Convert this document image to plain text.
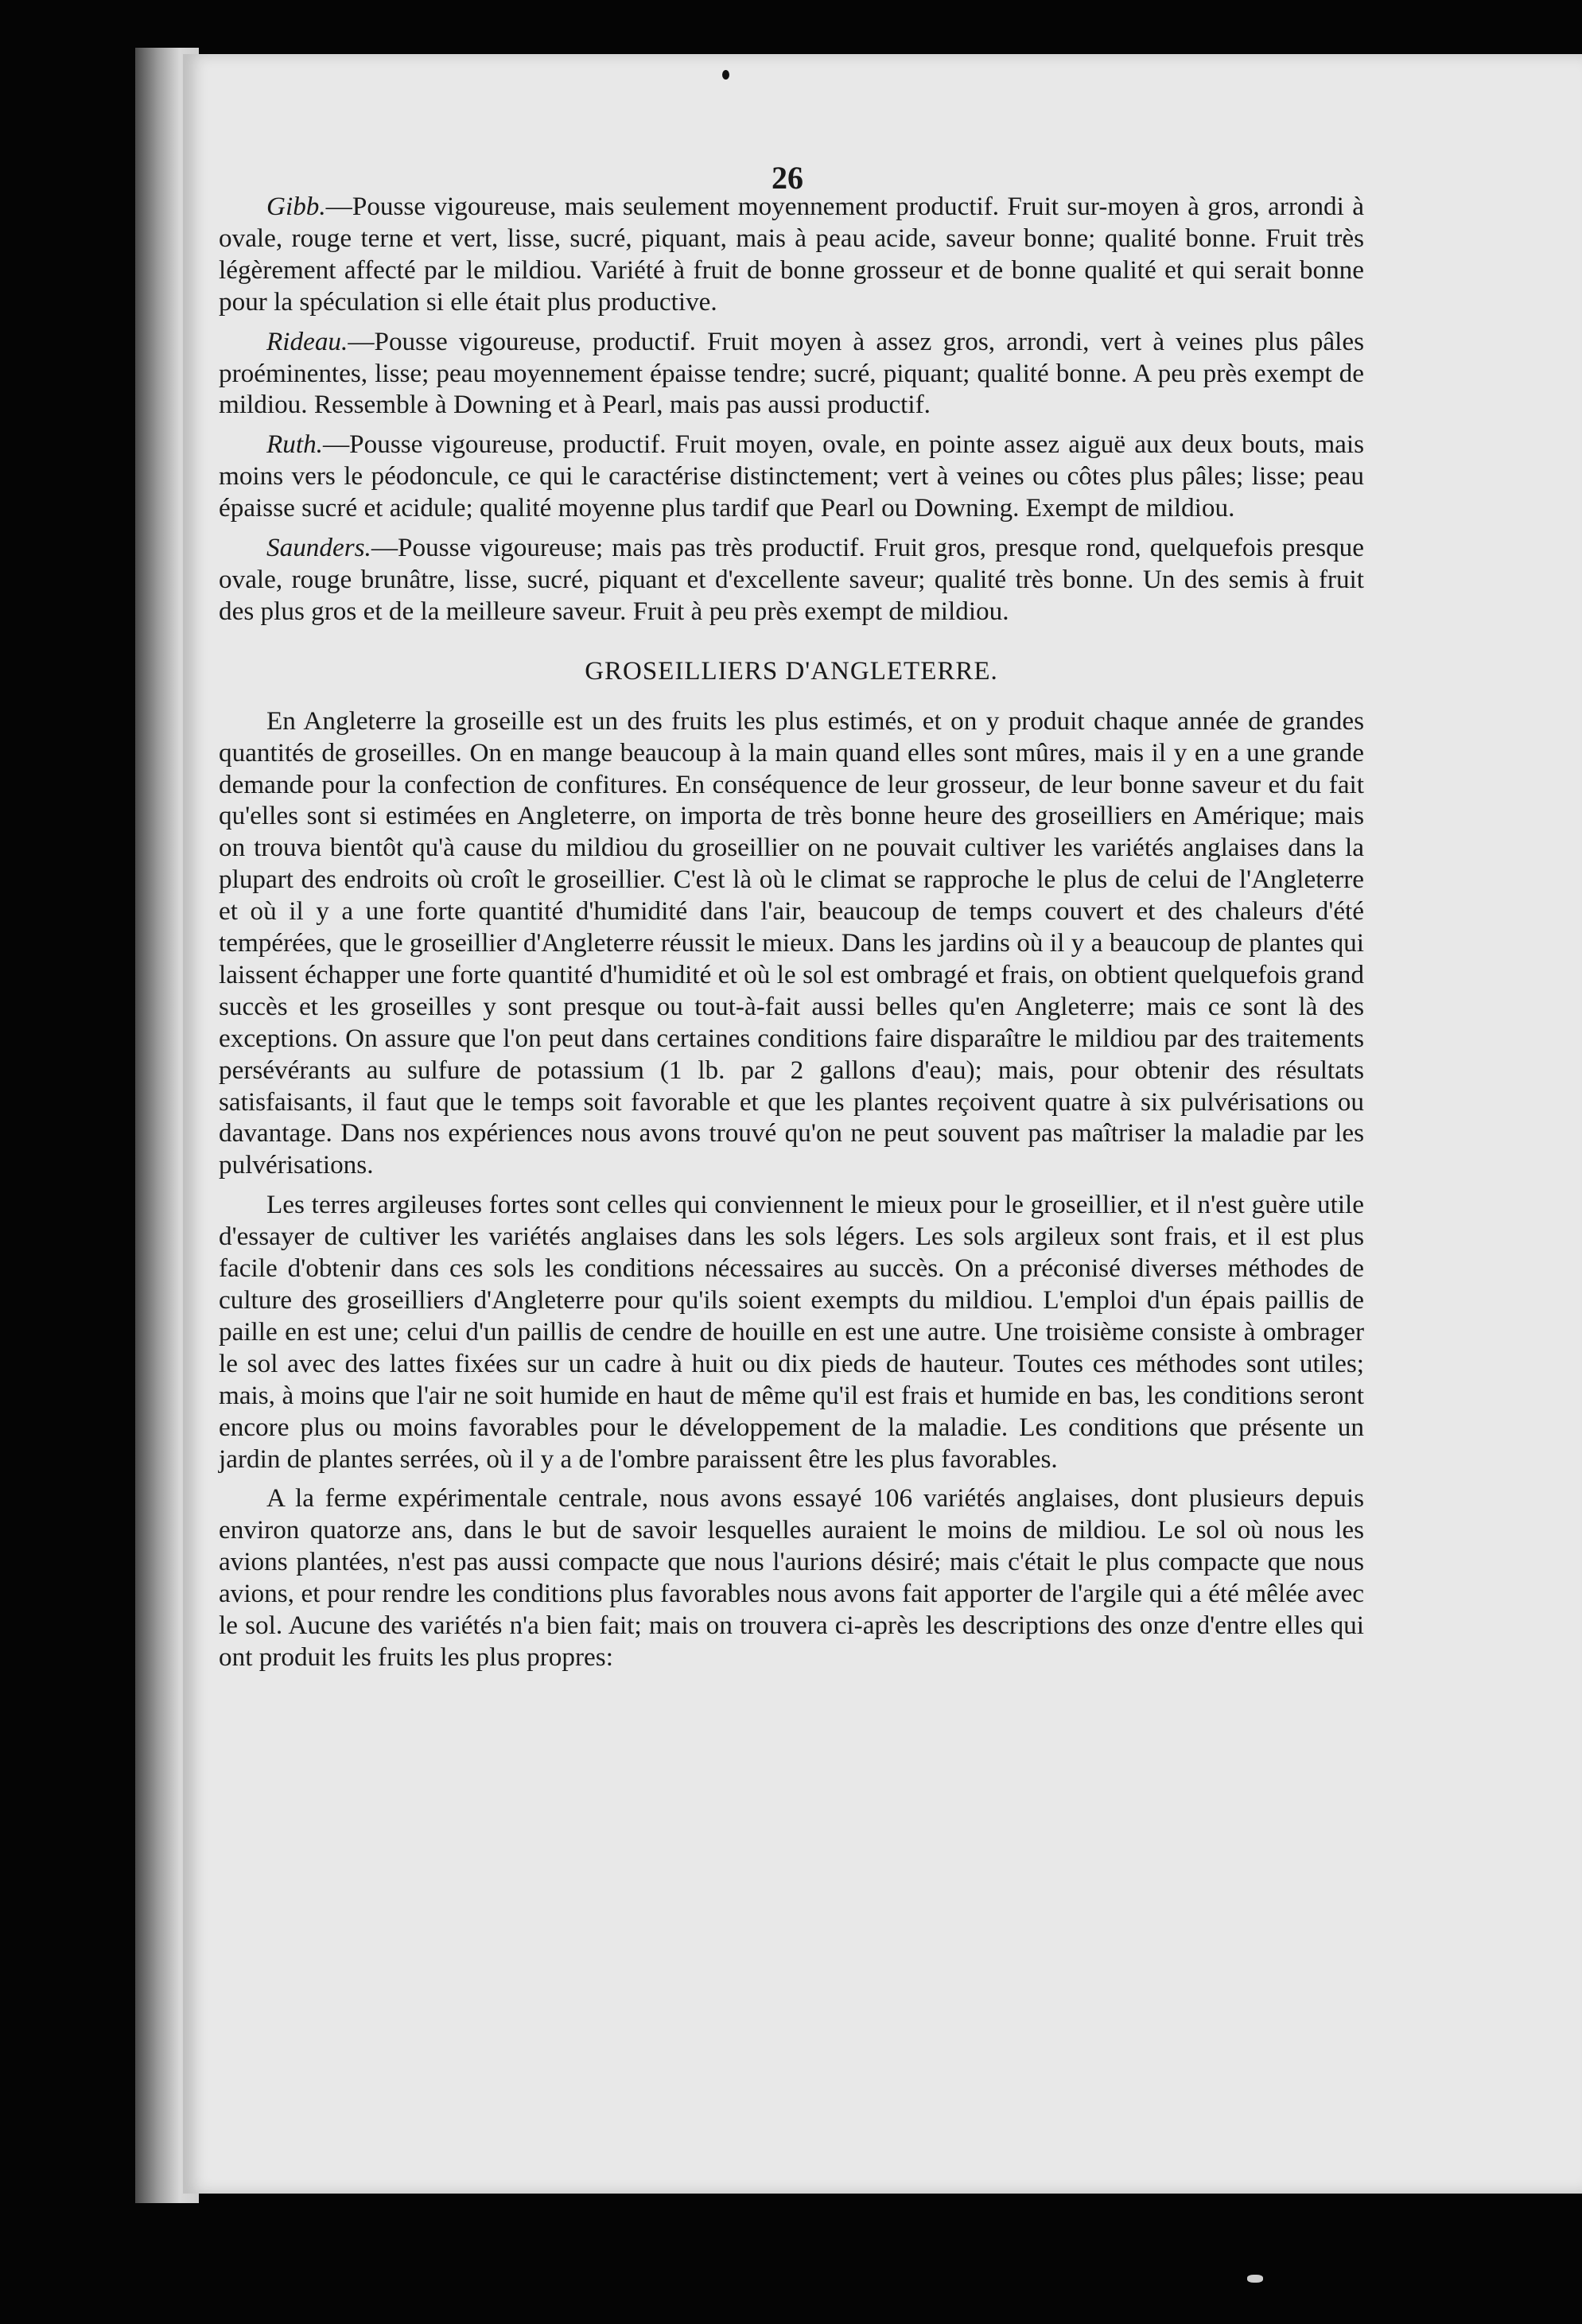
26

Gibb.—Pousse vigoureuse, mais seulement moyennement productif. Fruit sur-moyen à gros, arrondi à ovale, rouge terne et vert, lisse, sucré, piquant, mais à peau acide, saveur bonne; qualité bonne. Fruit très légèrement affecté par le mildiou. Variété à fruit de bonne grosseur et de bonne qualité et qui serait bonne pour la spéculation si elle était plus productive.

Rideau.—Pousse vigoureuse, productif. Fruit moyen à assez gros, arrondi, vert à veines plus pâles proéminentes, lisse; peau moyennement épaisse tendre; sucré, piquant; qualité bonne. A peu près exempt de mildiou. Ressemble à Downing et à Pearl, mais pas aussi productif.

Ruth.—Pousse vigoureuse, productif. Fruit moyen, ovale, en pointe assez aiguë aux deux bouts, mais moins vers le péodoncule, ce qui le caractérise distinctement; vert à veines ou côtes plus pâles; lisse; peau épaisse sucré et acidule; qualité moyenne plus tardif que Pearl ou Downing. Exempt de mildiou.

Saunders.—Pousse vigoureuse; mais pas très productif. Fruit gros, presque rond, quelquefois presque ovale, rouge brunâtre, lisse, sucré, piquant et d'excellente saveur; qualité très bonne. Un des semis à fruit des plus gros et de la meilleure saveur. Fruit à peu près exempt de mildiou.

GROSEILLIERS D'ANGLETERRE.

En Angleterre la groseille est un des fruits les plus estimés, et on y produit chaque année de grandes quantités de groseilles. On en mange beaucoup à la main quand elles sont mûres, mais il y en a une grande demande pour la confection de confitures. En conséquence de leur grosseur, de leur bonne saveur et du fait qu'elles sont si estimées en Angleterre, on importa de très bonne heure des groseilliers en Amérique; mais on trouva bientôt qu'à cause du mildiou du groseillier on ne pouvait cultiver les variétés anglaises dans la plupart des endroits où croît le groseillier. C'est là où le climat se rapproche le plus de celui de l'Angleterre et où il y a une forte quantité d'humidité dans l'air, beaucoup de temps couvert et des chaleurs d'été tempérées, que le groseillier d'Angleterre réussit le mieux. Dans les jardins où il y a beaucoup de plantes qui laissent échapper une forte quantité d'humidité et où le sol est ombragé et frais, on obtient quelquefois grand succès et les groseilles y sont presque ou tout-à-fait aussi belles qu'en Angleterre; mais ce sont là des exceptions. On assure que l'on peut dans certaines conditions faire disparaître le mildiou par des traitements persévérants au sulfure de potassium (1 lb. par 2 gallons d'eau); mais, pour obtenir des résultats satisfaisants, il faut que le temps soit favorable et que les plantes reçoivent quatre à six pulvérisations ou davantage. Dans nos expériences nous avons trouvé qu'on ne peut souvent pas maîtriser la maladie par les pulvérisations.

Les terres argileuses fortes sont celles qui conviennent le mieux pour le groseillier, et il n'est guère utile d'essayer de cultiver les variétés anglaises dans les sols légers. Les sols argileux sont frais, et il est plus facile d'obtenir dans ces sols les conditions nécessaires au succès. On a préconisé diverses méthodes de culture des groseilliers d'Angleterre pour qu'ils soient exempts du mildiou. L'emploi d'un épais paillis de paille en est une; celui d'un paillis de cendre de houille en est une autre. Une troisième consiste à ombrager le sol avec des lattes fixées sur un cadre à huit ou dix pieds de hauteur. Toutes ces méthodes sont utiles; mais, à moins que l'air ne soit humide en haut de même qu'il est frais et humide en bas, les conditions seront encore plus ou moins favorables pour le développement de la maladie. Les conditions que présente un jardin de plantes serrées, où il y a de l'ombre paraissent être les plus favorables.

A la ferme expérimentale centrale, nous avons essayé 106 variétés anglaises, dont plusieurs depuis environ quatorze ans, dans le but de savoir lesquelles auraient le moins de mildiou. Le sol où nous les avions plantées, n'est pas aussi compacte que nous l'aurions désiré; mais c'était le plus compacte que nous avions, et pour rendre les conditions plus favorables nous avons fait apporter de l'argile qui a été mêlée avec le sol. Aucune des variétés n'a bien fait; mais on trouvera ci-après les descriptions des onze d'entre elles qui ont produit les fruits les plus propres:
